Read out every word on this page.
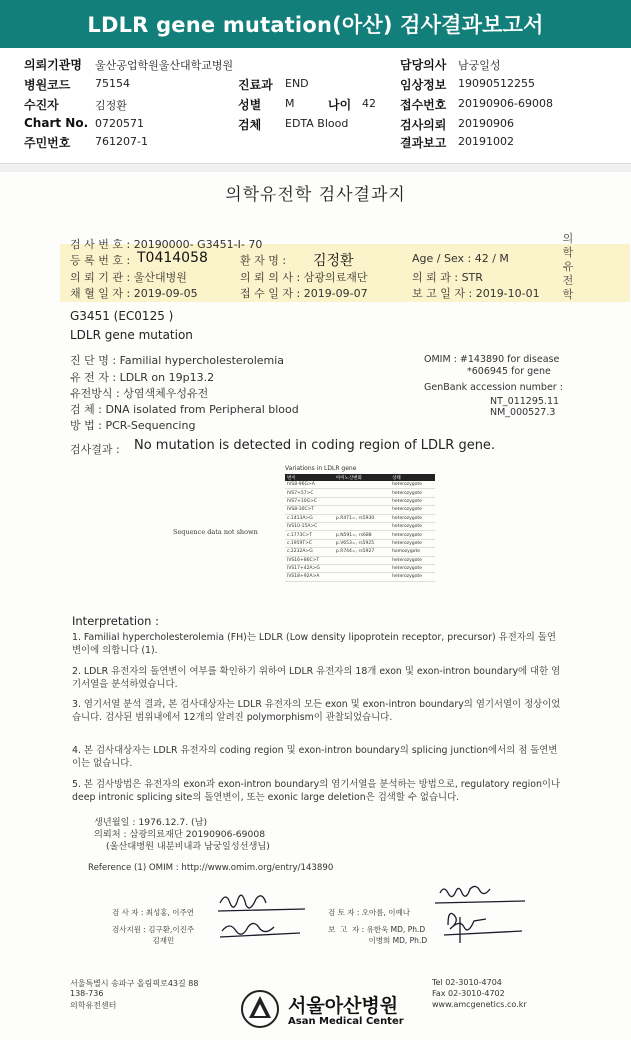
LDLR gene mutation(아산) 검사결과보고서
의뢰기관명 울산공업학원울산대학교병원
병원코드 75154
수진자	김정환
Chart No. 0720571
주민번호 761207-1
진료과 END
성별 M	나이 42
검체 EDTA Blood
담당의사 남궁일성
임상정보 19090512255
접수번호 20190906-69008
검사의뢰 20190906
결과보고 20191002
의학유전학 검사결과지
의
학
유
전
학
검 사 번 호 : 20190000- G3451-I- 70
등 록 번 호 : T0414058	환 자 명 : 김정환	Age / Sex : 42 / M
의 뢰 기 관 : 울산대병원	의 뢰 의 사 : 삼광의료재단	의 뢰 과 : STR
채 혈 일 자 : 2019-09-05	접 수 일 자 : 2019-09-07	보 고 일 자 : 2019-10-01
G3451 (EC0125 )
LDLR gene mutation
진 단 명 : Familial hypercholesterolemia
유 전 자 : LDLR on 19p13.2
유전방식 : 상염색체우성유전
검 체 : DNA isolated from Peripheral blood
방 법 : PCR-Sequencing
OMIM : #143890 for disease
*606945 for gene
GenBank accession number :
NT_011295.11
NM_000527.3
검사결과 : No mutation is detected in coding region of LDLR gene.
Sequence data not shown
Variations in LDLR gene
변이	아미노산변화	상태
IVS8-96G>A		heterozygote
IVS7+57>C		heterozygote
IVS7+10G>C		heterozygote
IVS8-30C>T		heterozygote
c.1413A>G	p.R471=, rs5930	heterozygote
IVS10-15A>C		heterozygote
c.1773C>T	p.N591=, rs688	heterozygote
c.1959T>C	p.V653=, rs5925	heterozygote
c.2232A>G	p.R744=, rs5927	homozygote
IVS16+86C>T		heterozygote
IVS17+42A>G		heterozygote
IVS18+92A>A		heterozygote
Interpretation :
1. Familial hypercholesterolemia (FH)는 LDLR (Low density lipoprotein receptor, precursor) 유전자의 돌연변이에 의합니다 (1).
2. LDLR 유전자의 돌연변이 여부를 확인하기 위하여 LDLR 유전자의 18개 exon 및 exon-intron boundary에 대한 염기서열을 분석하였습니다.
3. 염기서열 분석 결과, 본 검사대상자는 LDLR 유전자의 모든 exon 및 exon-intron boundary의 염기서열이 정상이었습니다. 검사된 범위내에서 12개의 알려진 polymorphism이 관찰되었습니다.
4. 본 검사대상자는 LDLR 유전자의 coding region 및 exon-intron boundary의 splicing junction에서의 점 돌연변이는 없습니다.
5. 본 검사방법은 유전자의 exon과 exon-intron boundary의 염기서열을 분석하는 방법으로, regulatory region이나 deep intronic splicing site의 돌연변이, 또는 exonic large deletion은 검색할 수 없습니다.
생년월일 : 1976.12.7. (남)
의뢰처 : 삼광의료재단 20190906-69008
(울산대병원 내분비내과 남궁일성선생님)
Reference (1) OMIM : http://www.omim.org/entry/143890
검 사 자 : 최성홍, 이주연
검사지원 : 김구환,이진주
김재민
검 토 자 : 오아름, 이예나
보  고  자 : 유한욱 MD, Ph.D
이병희 MD, Ph.D
서울특별시 송파구 올림픽로43길 88
138-736
의학유전센터	서울아산병원
Asan Medical Center
Tel 02-3010-4704
Fax 02-3010-4702
www.amcgenetics.co.kr
